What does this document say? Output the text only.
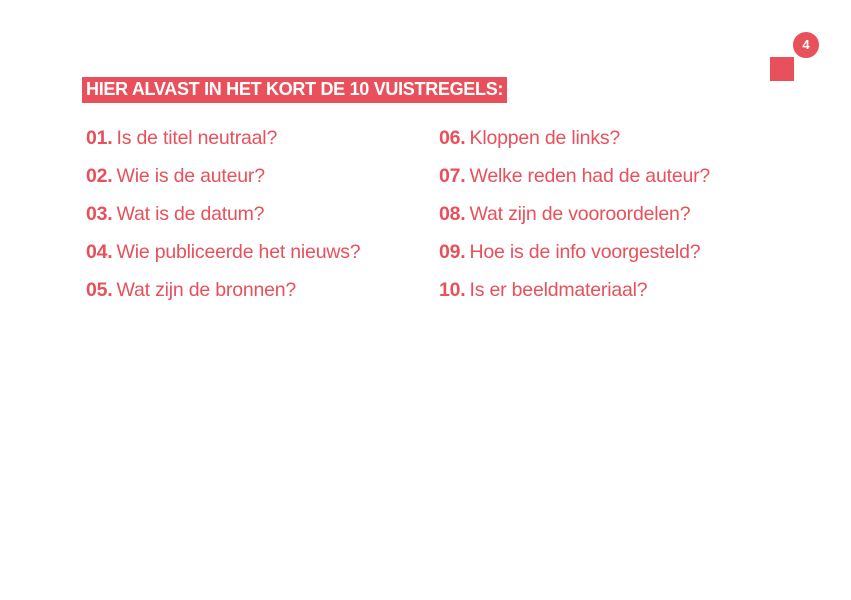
4
HIER ALVAST IN HET KORT DE 10 VUISTREGELS:
01. Is de titel neutraal?
02. Wie is de auteur?
03. Wat is de datum?
04. Wie publiceerde het nieuws?
05. Wat zijn de bronnen?
06. Kloppen de links?
07. Welke reden had de auteur?
08. Wat zijn de vooroordelen?
09. Hoe is de info voorgesteld?
10. Is er beeldmateriaal?
